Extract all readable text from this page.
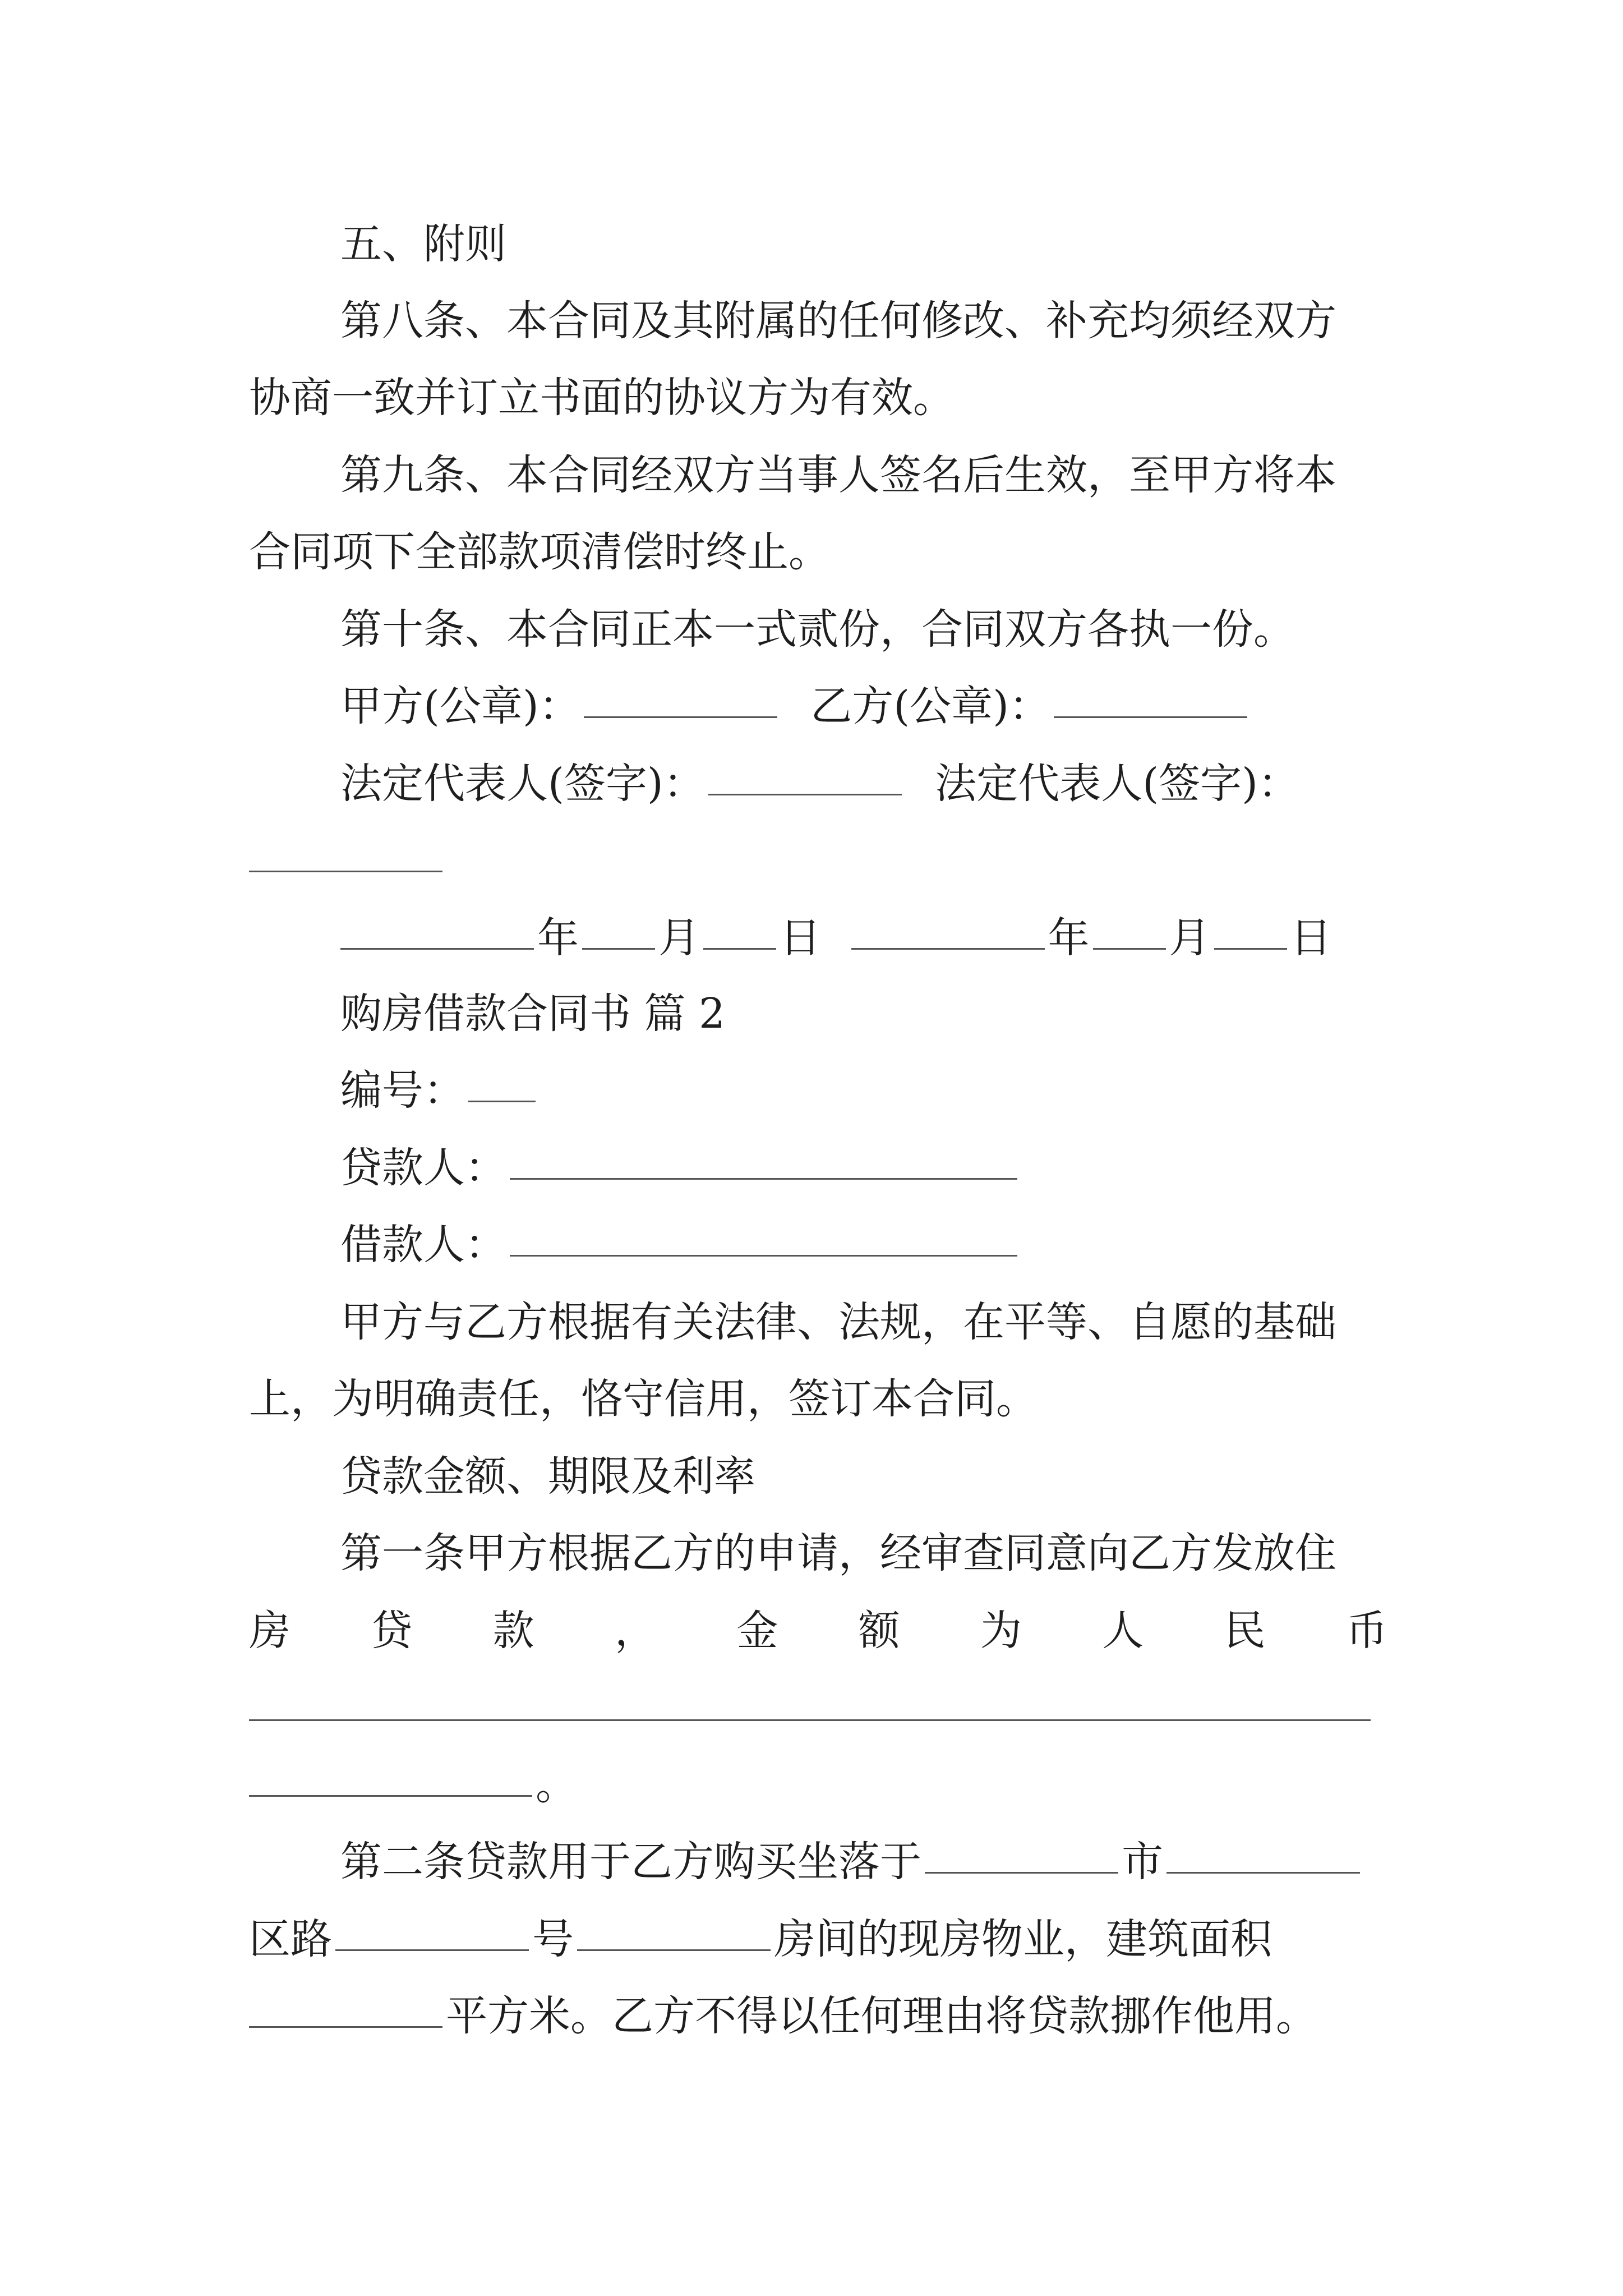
五、附则
第八条、本合同及其附属的任何修改、补充均须经双方
协商一致并订立书面的协议方为有效。
第九条、本合同经双方当事人签名后生效，至甲方将本
合同项下全部款项清偿时终止。
第十条、本合同正本一式贰份，合同双方各执一份。
甲方(公章)：	乙方(公章)：
法定代表人(签字)：	法定代表人(签字)：
年 月 日	年 月 日
购房借款合同书 篇 2
编号：
贷款人：
借款人：
甲方与乙方根据有关法律、法规，在平等、自愿的基础
上，为明确责任，恪守信用，签订本合同。
贷款金额、期限及利率
第一条甲方根据乙方的申请，经审查同意向乙方发放住
房 贷 款 ， 金 额 为 人 民 币
。
第二条贷款用于乙方购买坐落于	市
区路	号	房间的现房物业，建筑面积
平方米。乙方不得以任何理由将贷款挪作他用。
